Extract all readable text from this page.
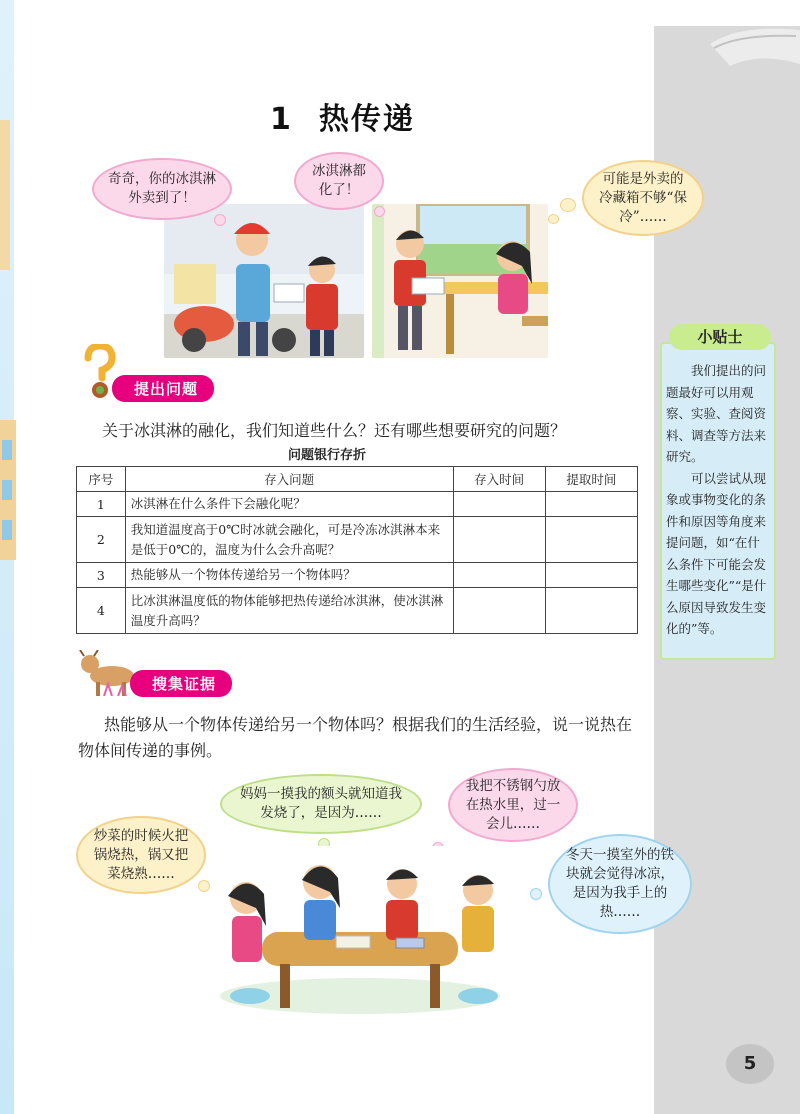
1 热传递
奇奇，你的冰淇淋外卖到了！
冰淇淋都化了！
可能是外卖的冷藏箱不够“保冷”……
提出问题
关于冰淇淋的融化，我们知道些什么？还有哪些想要研究的问题？
问题银行存折
序号	存入问题	存入时间	提取时间
1	冰淇淋在什么条件下会融化呢？		
2	我知道温度高于0℃时冰就会融化，可是冷冻冰淇淋本来是低于0℃的，温度为什么会升高呢？		
3	热能够从一个物体传递给另一个物体吗？		
4	比冰淇淋温度低的物体能够把热传递给冰淇淋，使冰淇淋温度升高吗？		
小贴士

我们提出的问题最好可以用观察、实验、查阅资料、调查等方法来研究。

可以尝试从现象或事物变化的条件和原因等角度来提问题，如“在什么条件下可能会发生哪些变化”“是什么原因导致发生变化的”等。

搜集证据
热能够从一个物体传递给另一个物体吗？根据我们的生活经验，说一说热在物体间传递的事例。
炒菜的时候火把锅烧热，锅又把菜烧熟……
妈妈一摸我的额头就知道我发烧了，是因为……
我把不锈钢勺放在热水里，过一会儿……
冬天一摸室外的铁块就会觉得冰凉，是因为我手上的热……
5
